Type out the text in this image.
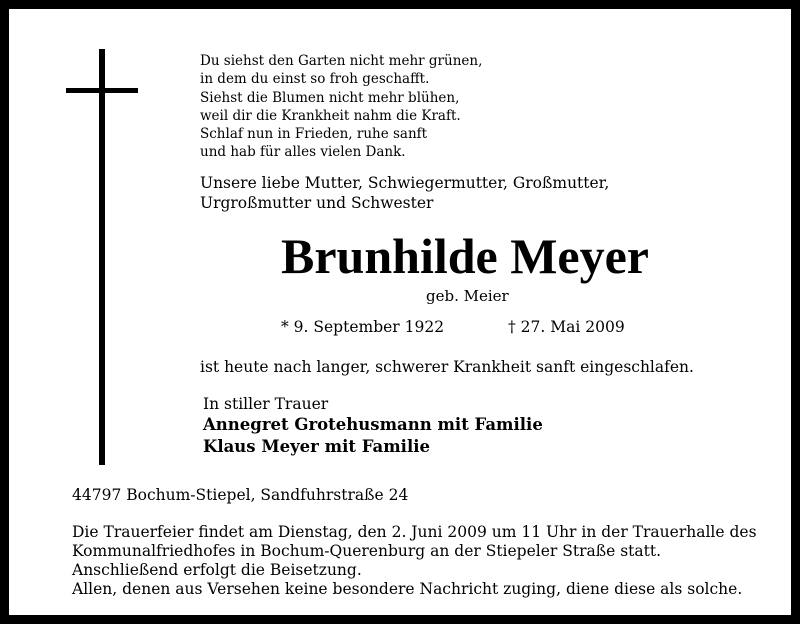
Du siehst den Garten nicht mehr grünen,
in dem du einst so froh geschafft.
Siehst die Blumen nicht mehr blühen,
weil dir die Krankheit nahm die Kraft.
Schlaf nun in Frieden, ruhe sanft
und hab für alles vielen Dank.
Unsere liebe Mutter, Schwiegermutter, Großmutter,
Urgroßmutter und Schwester
Brunhilde Meyer
geb. Meier
* 9. September 1922	† 27. Mai 2009
ist heute nach langer, schwerer Krankheit sanft eingeschlafen.
In stiller Trauer
Annegret Grotehusmann mit Familie
Klaus Meyer mit Familie
44797 Bochum-Stiepel, Sandfuhrstraße 24
Die Trauerfeier findet am Dienstag, den 2. Juni 2009 um 11 Uhr in der Trauerhalle des
Kommunalfriedhofes in Bochum-Querenburg an der Stiepeler Straße statt.
Anschließend erfolgt die Beisetzung.
Allen, denen aus Versehen keine besondere Nachricht zuging, diene diese als solche.
